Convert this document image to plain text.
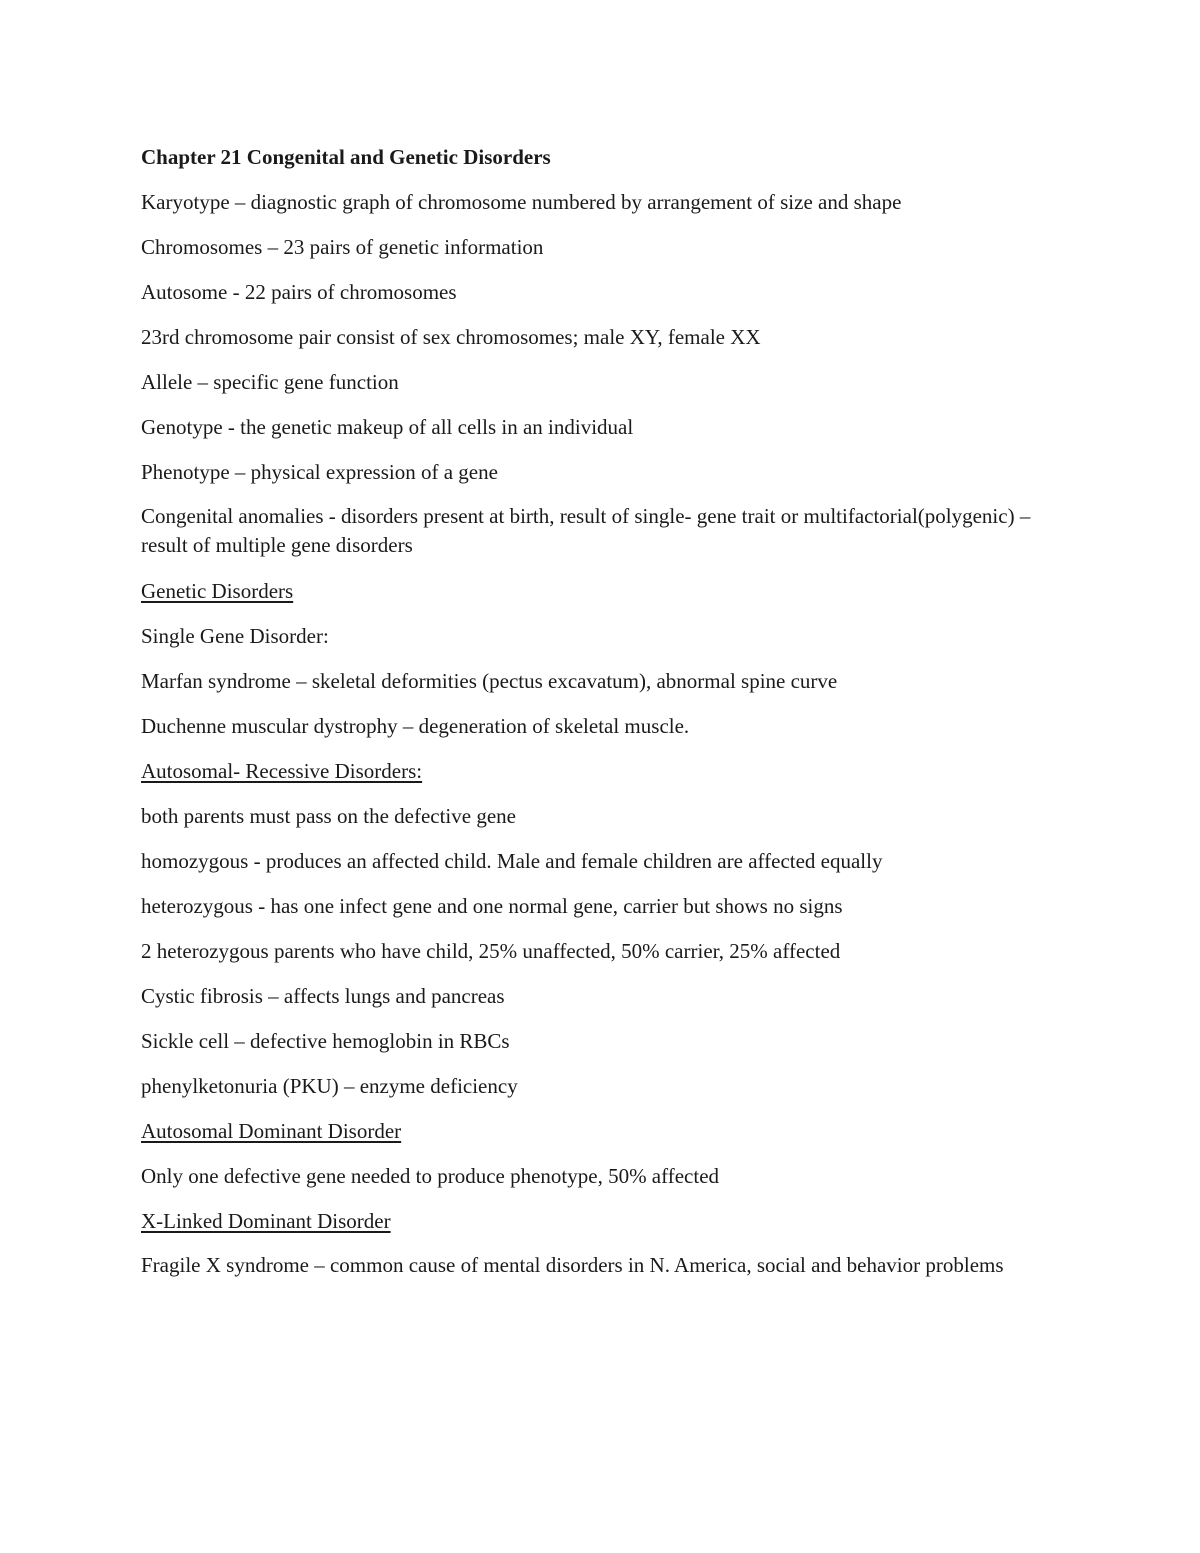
Chapter 21 Congenital and Genetic Disorders

Karyotype – diagnostic graph of chromosome numbered by arrangement of size and shape

Chromosomes – 23 pairs of genetic information

Autosome - 22 pairs of chromosomes

23rd chromosome pair consist of sex chromosomes; male XY, female XX

Allele – specific gene function

Genotype - the genetic makeup of all cells in an individual

Phenotype – physical expression of a gene

Congenital anomalies - disorders present at birth, result of single- gene trait or multifactorial(polygenic) – result of multiple gene disorders

Genetic Disorders

Single Gene Disorder:

Marfan syndrome – skeletal deformities (pectus excavatum), abnormal spine curve

Duchenne muscular dystrophy – degeneration of skeletal muscle.

Autosomal- Recessive Disorders:

both parents must pass on the defective gene

homozygous - produces an affected child. Male and female children are affected equally

heterozygous - has one infect gene and one normal gene, carrier but shows no signs

2 heterozygous parents who have child, 25% unaffected, 50% carrier, 25% affected

Cystic fibrosis – affects lungs and pancreas

Sickle cell – defective hemoglobin in RBCs

phenylketonuria (PKU) – enzyme deficiency

Autosomal Dominant Disorder

Only one defective gene needed to produce phenotype, 50% affected

X-Linked Dominant Disorder

Fragile X syndrome – common cause of mental disorders in N. America, social and behavior problems
